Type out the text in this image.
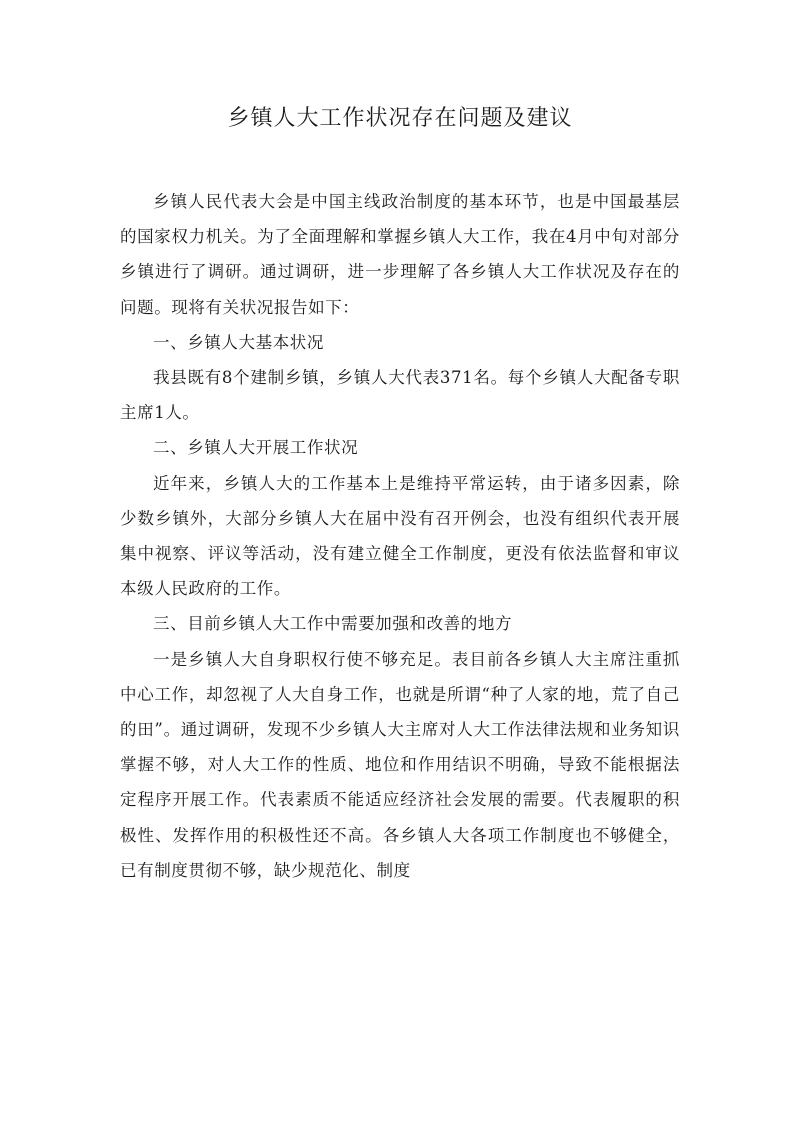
乡镇人大工作状况存在问题及建议

乡镇人民代表大会是中国主线政治制度的基本环节，也是中国最基层的国家权力机关。为了全面理解和掌握乡镇人大工作，我在4月中旬对部分乡镇进行了调研。通过调研，进一步理解了各乡镇人大工作状况及存在的问题。现将有关状况报告如下：

一、乡镇人大基本状况

我县既有8个建制乡镇，乡镇人大代表371名。每个乡镇人大配备专职主席1人。

二、乡镇人大开展工作状况

近年来，乡镇人大的工作基本上是维持平常运转，由于诸多因素，除少数乡镇外，大部分乡镇人大在届中没有召开例会，也没有组织代表开展集中视察、评议等活动，没有建立健全工作制度，更没有依法监督和审议本级人民政府的工作。

三、目前乡镇人大工作中需要加强和改善的地方

一是乡镇人大自身职权行使不够充足。表目前各乡镇人大主席注重抓中心工作，却忽视了人大自身工作，也就是所谓“种了人家的地，荒了自己的田”。通过调研，发现不少乡镇人大主席对人大工作法律法规和业务知识掌握不够，对人大工作的性质、地位和作用结识不明确，导致不能根据法定程序开展工作。代表素质不能适应经济社会发展的需要。代表履职的积极性、发挥作用的积极性还不高。各乡镇人大各项工作制度也不够健全，已有制度贯彻不够，缺少规范化、制度
